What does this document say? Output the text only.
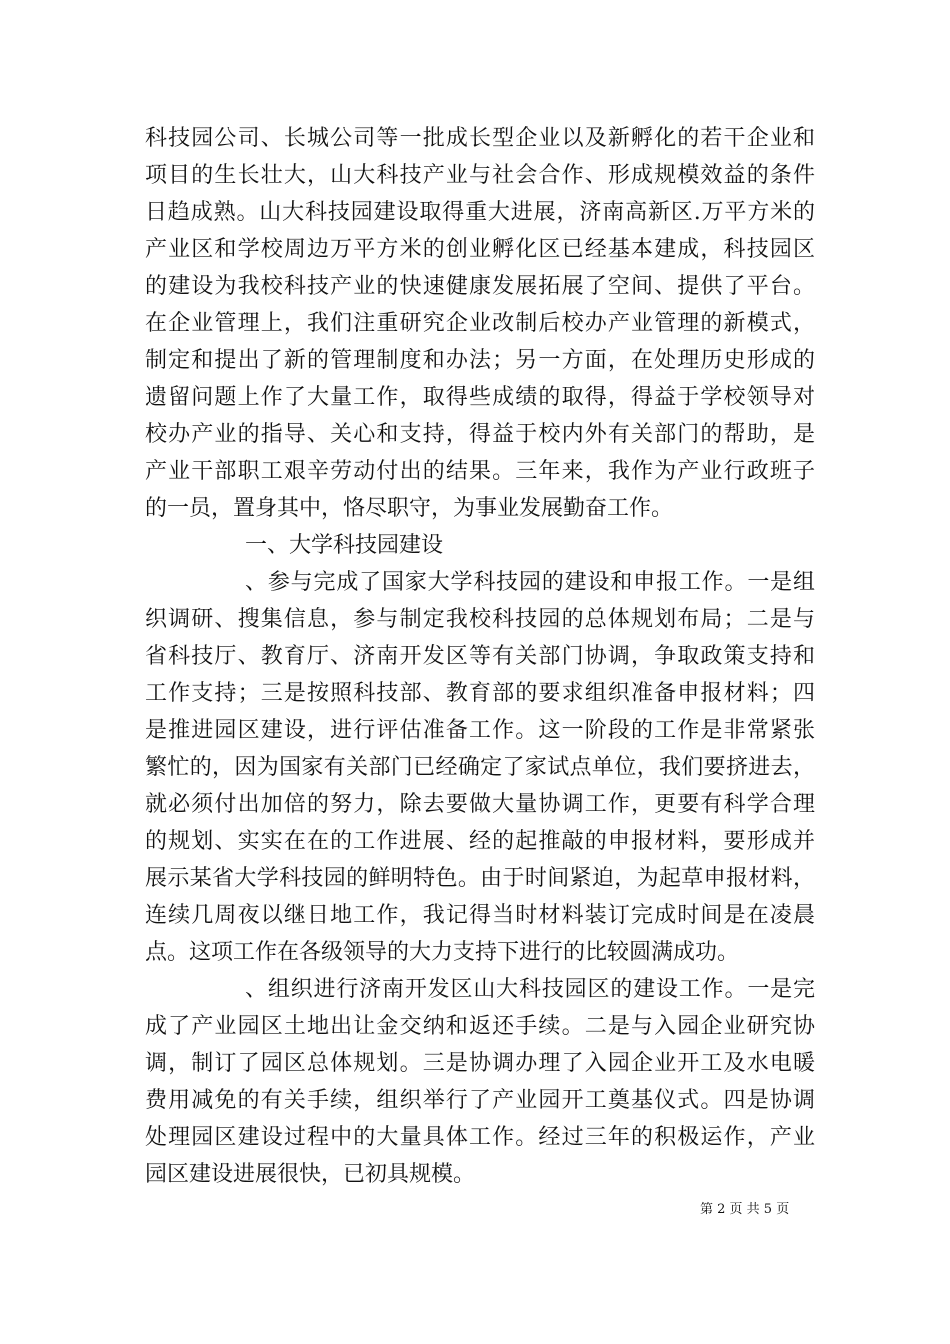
科技园公司、长城公司等一批成长型企业以及新孵化的若干企业和
项目的生长壮大，山大科技产业与社会合作、形成规模效益的条件
日趋成熟。山大科技园建设取得重大进展，济南高新区.万平方米的
产业区和学校周边万平方米的创业孵化区已经基本建成，科技园区
的建设为我校科技产业的快速健康发展拓展了空间、提供了平台。
在企业管理上，我们注重研究企业改制后校办产业管理的新模式，
制定和提出了新的管理制度和办法；另一方面，在处理历史形成的
遗留问题上作了大量工作，取得些成绩的取得，得益于学校领导对
校办产业的指导、关心和支持，得益于校内外有关部门的帮助，是
产业干部职工艰辛劳动付出的结果。三年来，我作为产业行政班子
的一员，置身其中，恪尽职守，为事业发展勤奋工作。
一、大学科技园建设
、参与完成了国家大学科技园的建设和申报工作。一是组
织调研、搜集信息，参与制定我校科技园的总体规划布局；二是与
省科技厅、教育厅、济南开发区等有关部门协调，争取政策支持和
工作支持；三是按照科技部、教育部的要求组织准备申报材料；四
是推进园区建设，进行评估准备工作。这一阶段的工作是非常紧张
繁忙的，因为国家有关部门已经确定了家试点单位，我们要挤进去，
就必须付出加倍的努力，除去要做大量协调工作，更要有科学合理
的规划、实实在在的工作进展、经的起推敲的申报材料，要形成并
展示某省大学科技园的鲜明特色。由于时间紧迫，为起草申报材料，
连续几周夜以继日地工作，我记得当时材料装订完成时间是在凌晨
点。这项工作在各级领导的大力支持下进行的比较圆满成功。
、组织进行济南开发区山大科技园区的建设工作。一是完
成了产业园区土地出让金交纳和返还手续。二是与入园企业研究协
调，制订了园区总体规划。三是协调办理了入园企业开工及水电暖
费用减免的有关手续，组织举行了产业园开工奠基仪式。四是协调
处理园区建设过程中的大量具体工作。经过三年的积极运作，产业
园区建设进展很快，已初具规模。
第 2 页 共 5 页
